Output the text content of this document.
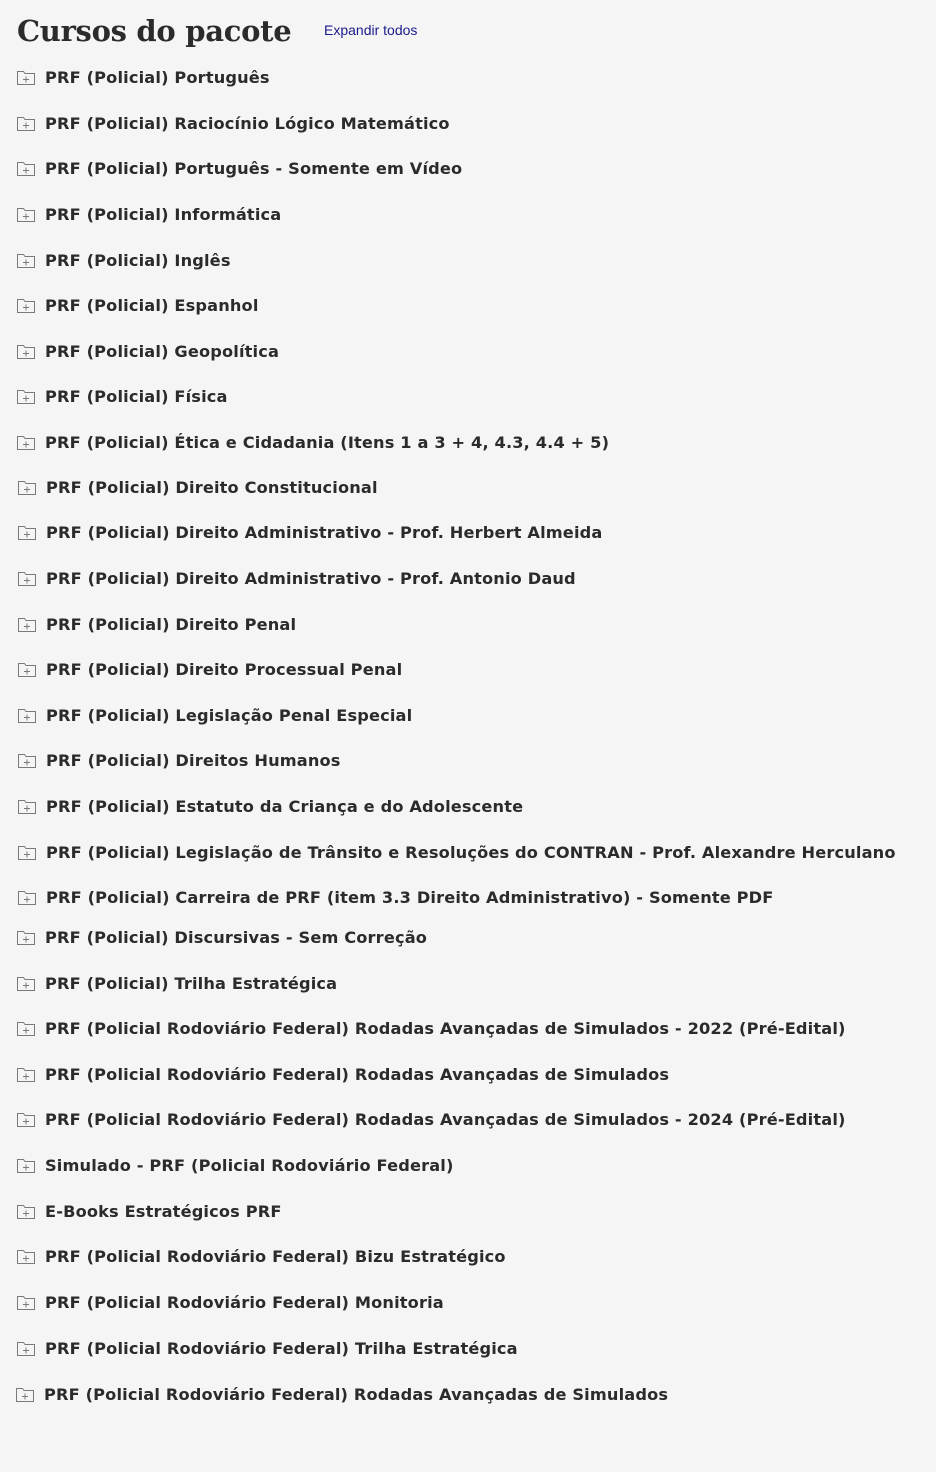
Cursos do pacote Expandir todos
PRF (Policial) Português
PRF (Policial) Raciocínio Lógico Matemático
PRF (Policial) Português - Somente em Vídeo
PRF (Policial) Informática
PRF (Policial) Inglês
PRF (Policial) Espanhol
PRF (Policial) Geopolítica
PRF (Policial) Física
PRF (Policial) Ética e Cidadania (Itens 1 a 3 + 4, 4.3, 4.4 + 5)
PRF (Policial) Direito Constitucional
PRF (Policial) Direito Administrativo - Prof. Herbert Almeida
PRF (Policial) Direito Administrativo - Prof. Antonio Daud
PRF (Policial) Direito Penal
PRF (Policial) Direito Processual Penal
PRF (Policial) Legislação Penal Especial
PRF (Policial) Direitos Humanos
PRF (Policial) Estatuto da Criança e do Adolescente
PRF (Policial) Legislação de Trânsito e Resoluções do CONTRAN - Prof. Alexandre Herculano
PRF (Policial) Carreira de PRF (item 3.3 Direito Administrativo) - Somente PDF
PRF (Policial) Discursivas - Sem Correção
PRF (Policial) Trilha Estratégica
PRF (Policial Rodoviário Federal) Rodadas Avançadas de Simulados - 2022 (Pré-Edital)
PRF (Policial Rodoviário Federal) Rodadas Avançadas de Simulados
PRF (Policial Rodoviário Federal) Rodadas Avançadas de Simulados - 2024 (Pré-Edital)
Simulado - PRF (Policial Rodoviário Federal)
E-Books Estratégicos PRF
PRF (Policial Rodoviário Federal) Bizu Estratégico
PRF (Policial Rodoviário Federal) Monitoria
PRF (Policial Rodoviário Federal) Trilha Estratégica
PRF (Policial Rodoviário Federal) Rodadas Avançadas de Simulados
